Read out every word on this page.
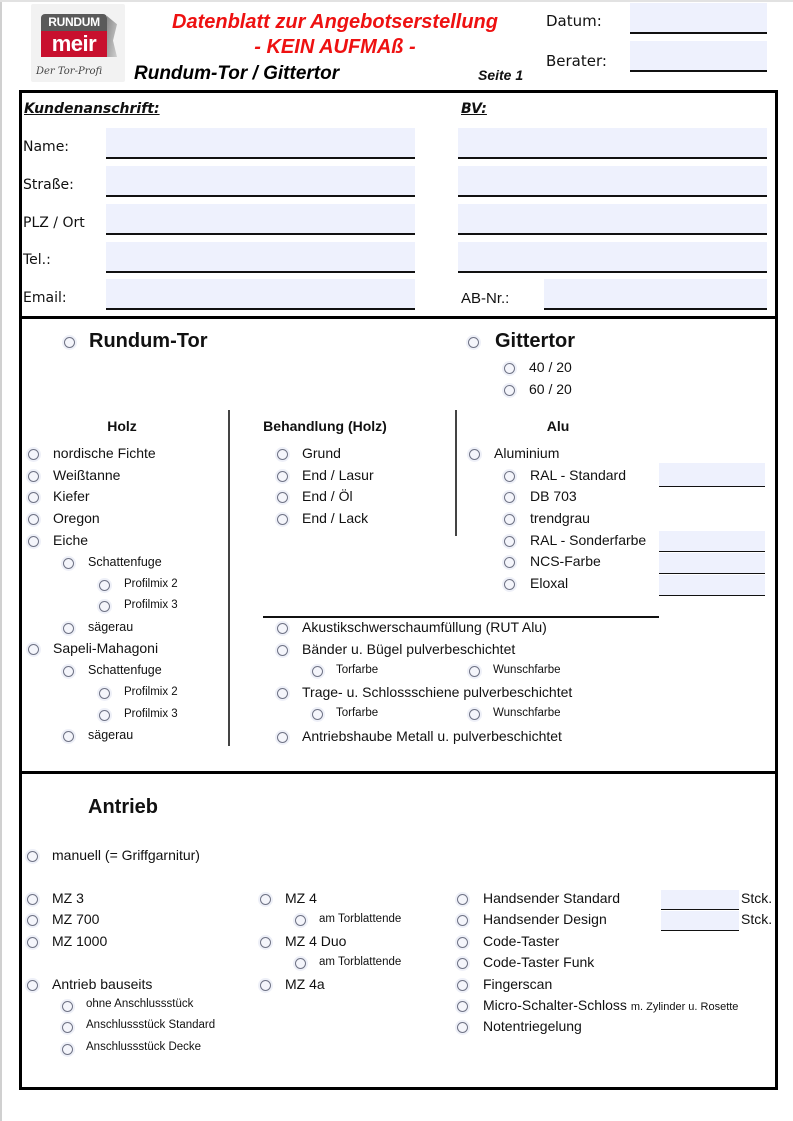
RUNDUM
meir
Der Tor-Profi
Datenblatt zur Angebotserstellung
- KEIN AUFMAß -
Rundum-Tor / Gittertor	Seite 1
Datum:
Berater:
Kundenanschrift:	BV:
Name:
Straße:
PLZ / Ort
Tel.:
Email:	AB-Nr.:
Rundum-Tor	Gittertor
40 / 20
60 / 20
Holz
nordische Fichte
Weißtanne
Kiefer
Oregon
Eiche
Schattenfuge
Profilmix 2
Profilmix 3
sägerau
Sapeli-Mahagoni
Schattenfuge
Profilmix 2
Profilmix 3
sägerau
Behandlung (Holz)
Grund
End / Lasur
End / Öl
End / Lack
Alu
Aluminium
RAL - Standard
DB 703
trendgrau
RAL - Sonderfarbe
NCS-Farbe
Eloxal
Akustikschwerschaumfüllung (RUT Alu)
Bänder u. Bügel pulverbeschichtet
Torfarbe	Wunschfarbe
Trage- u. Schlossschiene pulverbeschichtet
Torfarbe	Wunschfarbe
Antriebshaube Metall u. pulverbeschichtet
Antrieb
manuell (= Griffgarnitur)
MZ 3
MZ 700
MZ 1000
Antrieb bauseits
ohne Anschlussstück
Anschlussstück Standard
Anschlussstück Decke
MZ 4
am Torblattende
MZ 4 Duo
am Torblattende
MZ 4a
Handsender Standard	Stck.
Handsender Design	Stck.
Code-Taster
Code-Taster Funk
Fingerscan
Micro-Schalter-Schloss m. Zylinder u. Rosette
Notentriegelung
